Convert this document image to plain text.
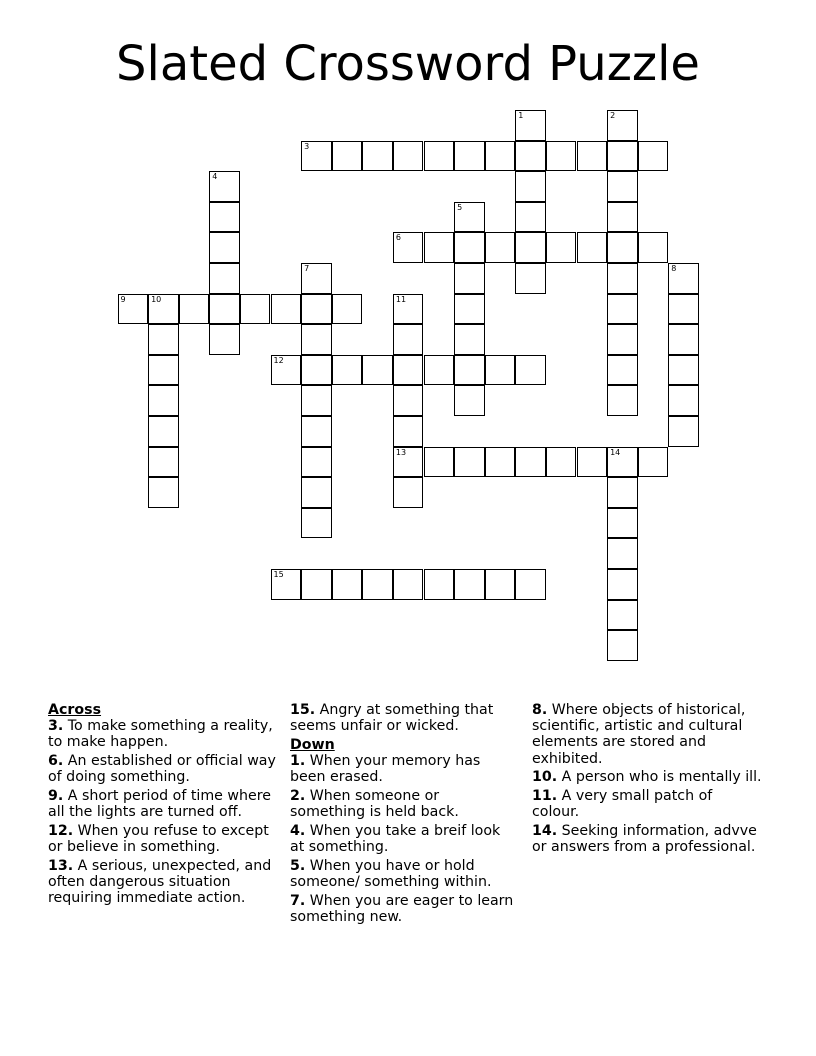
Slated Crossword Puzzle
3
6
9	10
12
13	14
15
1	2
4
5
7	8
11
Across
3. To make something a reality, to make happen.
6. An established or official way of doing something.
9. A short period of time where all the lights are turned off.
12. When you refuse to except or believe in something.
13. A serious, unexpected, and often dangerous situation requiring immediate action.
15. Angry at something that seems unfair or wicked.
Down
1. When your memory has been erased.
2. When someone or something is held back.
4. When you take a breif look at something.
5. When you have or hold someone/ something within.
7. When you are eager to learn something new.
8. Where objects of historical, scientific, artistic and cultural elements are stored and exhibited.
10. A person who is mentally ill.
11. A very small patch of colour.
14. Seeking information, advve or answers from a professional.
